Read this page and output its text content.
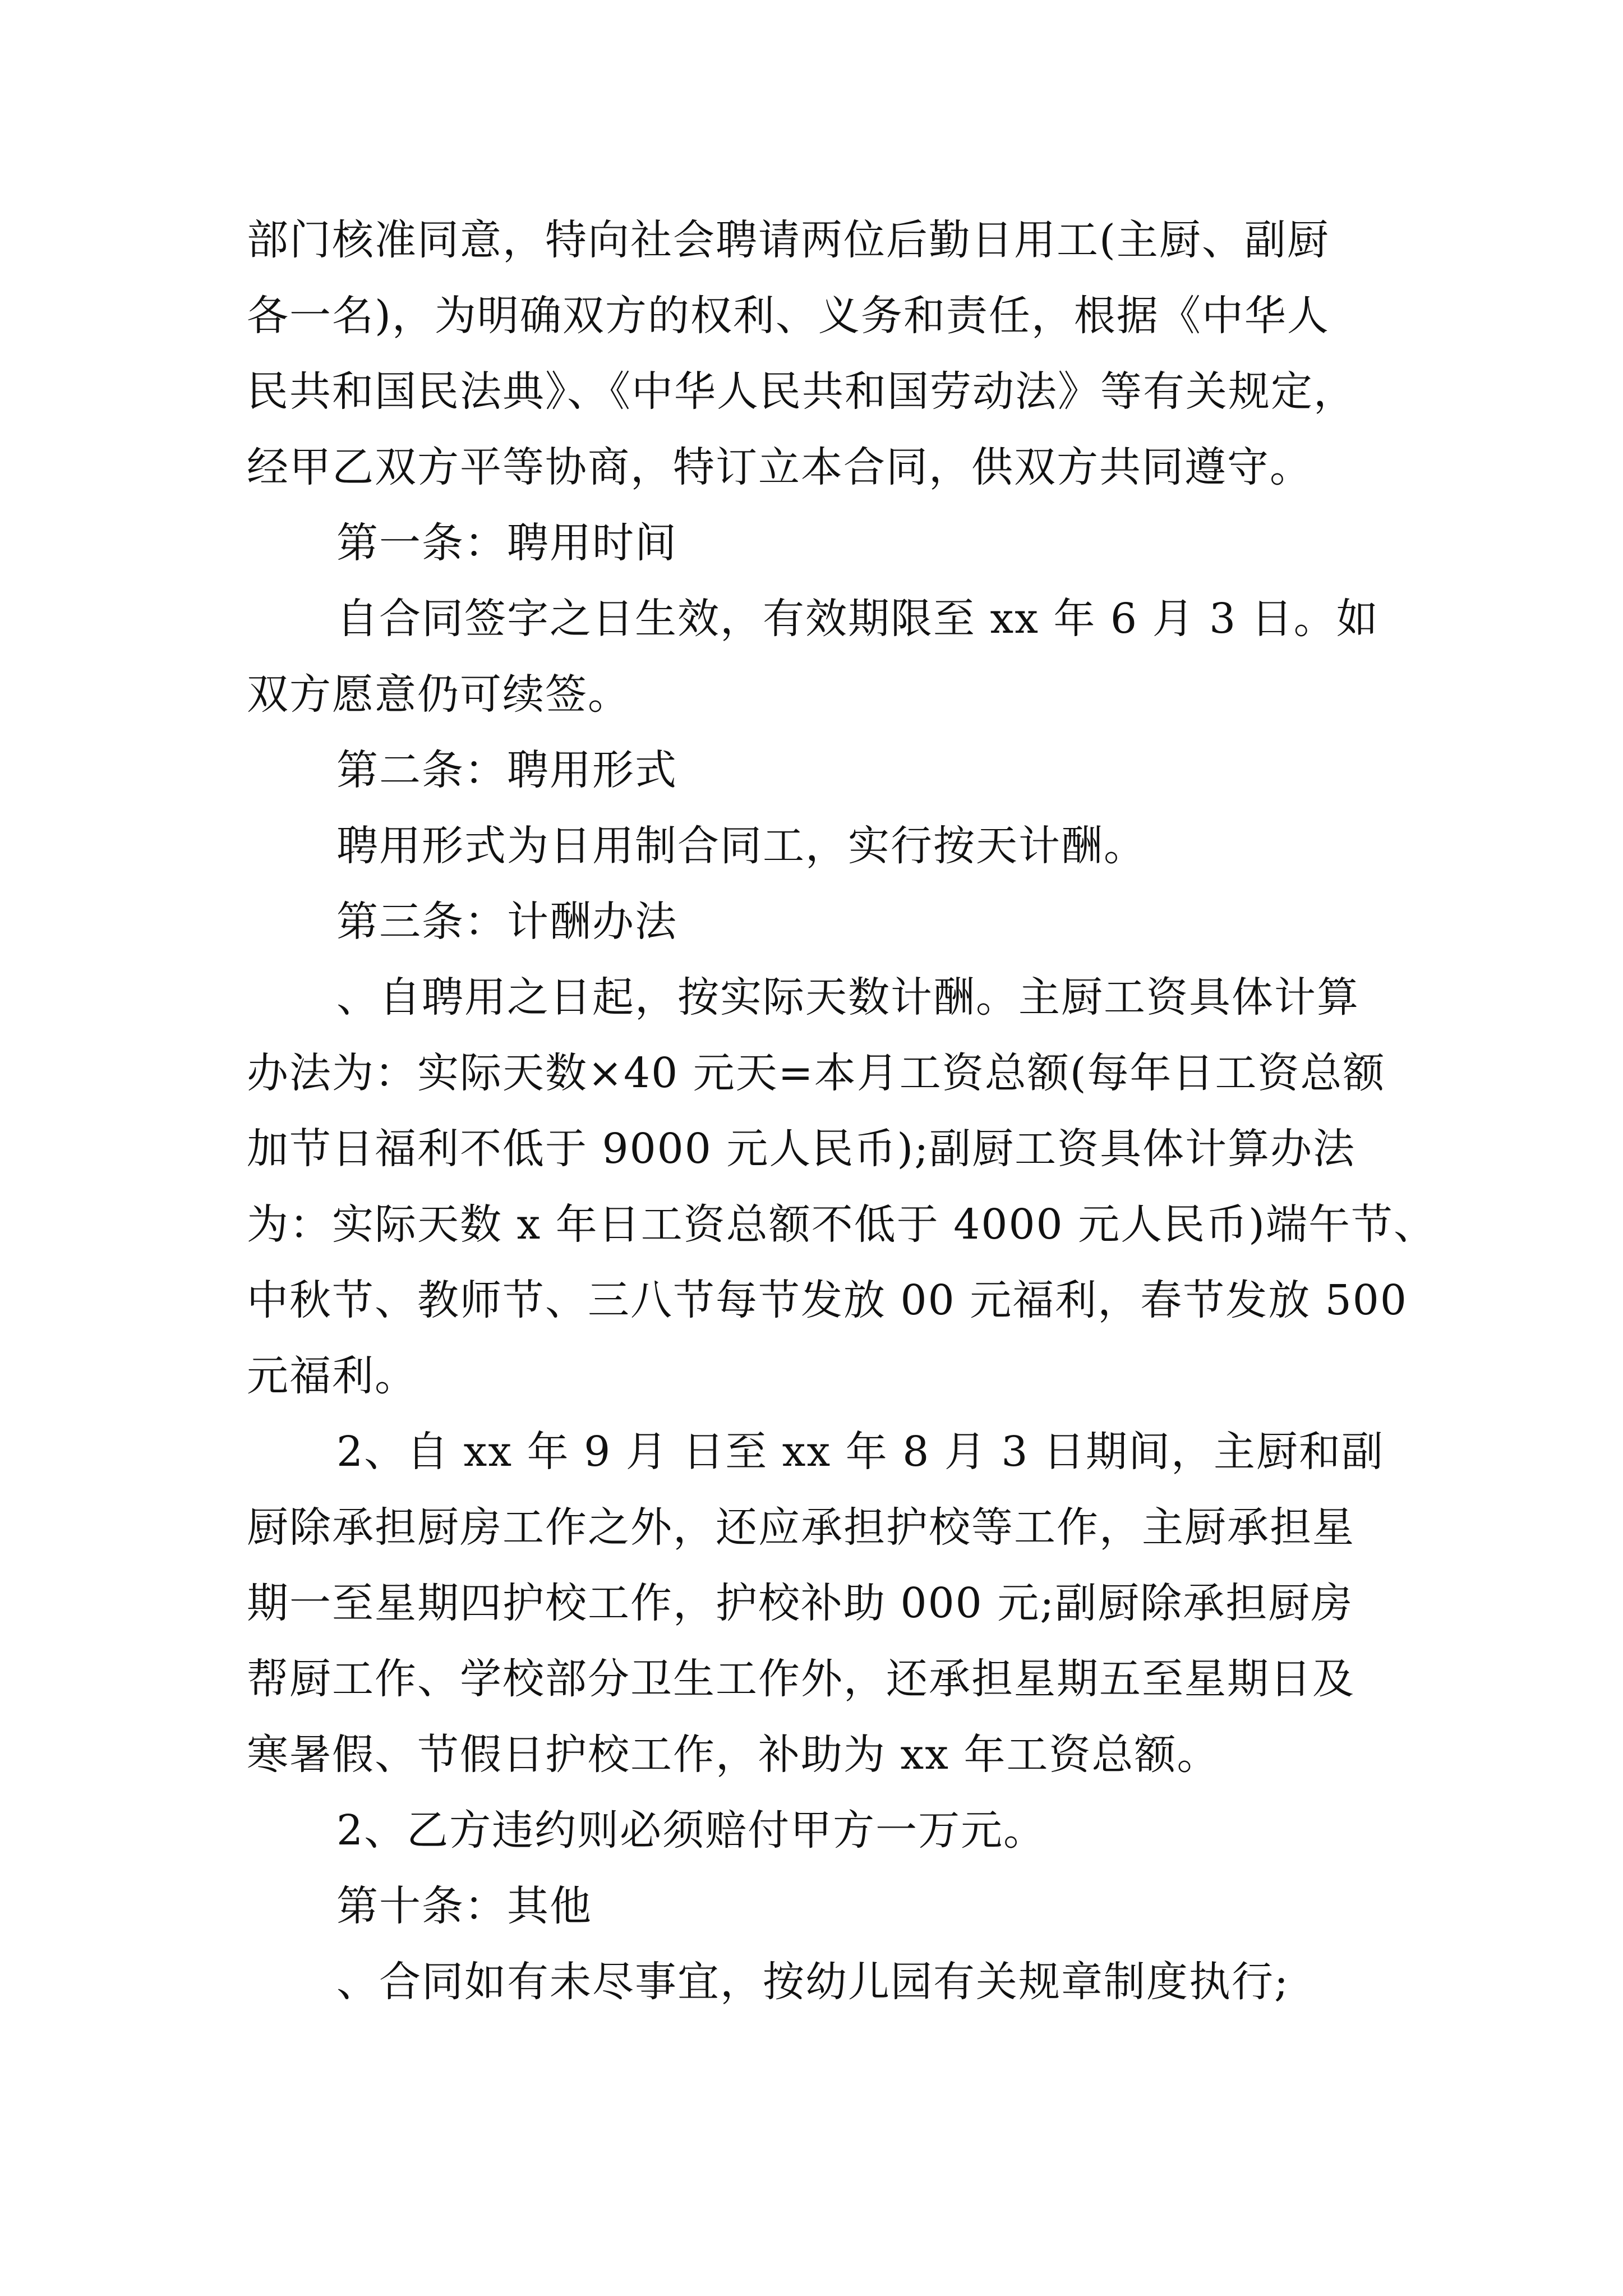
部门核准同意，特向社会聘请两位后勤日用工(主厨、副厨
各一名)，为明确双方的权利、义务和责任，根据《中华人
民共和国民法典》、《中华人民共和国劳动法》等有关规定，
经甲乙双方平等协商，特订立本合同，供双方共同遵守。
第一条：聘用时间
自合同签字之日生效，有效期限至 xx 年 6 月 3 日。如
双方愿意仍可续签。
第二条：聘用形式
聘用形式为日用制合同工，实行按天计酬。
第三条：计酬办法
、自聘用之日起，按实际天数计酬。主厨工资具体计算
办法为：实际天数×40 元天=本月工资总额(每年日工资总额
加节日福利不低于 9000 元人民币);副厨工资具体计算办法
为：实际天数 x 年日工资总额不低于 4000 元人民币)端午节、
中秋节、教师节、三八节每节发放 00 元福利，春节发放 500
元福利。
2、自 xx 年 9 月 日至 xx 年 8 月 3 日期间，主厨和副
厨除承担厨房工作之外，还应承担护校等工作，主厨承担星
期一至星期四护校工作，护校补助 000 元;副厨除承担厨房
帮厨工作、学校部分卫生工作外，还承担星期五至星期日及
寒暑假、节假日护校工作，补助为 xx 年工资总额。
2、乙方违约则必须赔付甲方一万元。
第十条：其他
、合同如有未尽事宜，按幼儿园有关规章制度执行;
